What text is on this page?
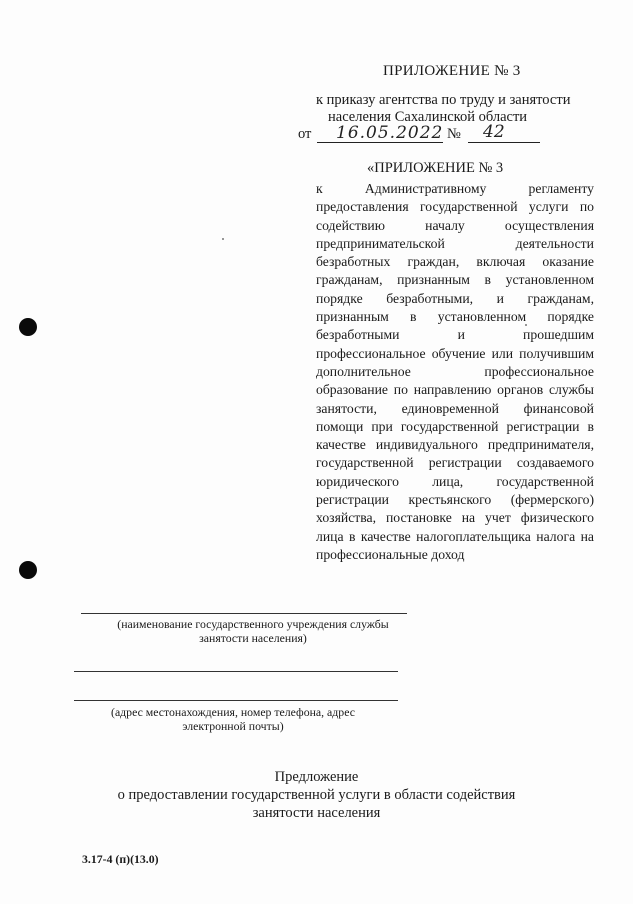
ПРИЛОЖЕНИЕ № 3
к приказу агентства по труду и занятости
населения Сахалинской области
от 16.05.2022 № 42
«ПРИЛОЖЕНИЕ № 3
к Административному регламенту предоставления государственной услуги по содействию началу осуществления предпринимательской деятельности безработных граждан, включая оказание гражданам, признанным в установленном порядке безработными, и гражданам, признанным в установленном порядке безработными и прошедшим профессиональное обучение или получившим дополнительное профессиональное образование по направлению органов службы занятости, единовременной финансовой помощи при государственной регистрации в качестве индивидуального предпринимателя, государственной регистрации создаваемого юридического лица, государственной регистрации крестьянского (фермерского) хозяйства, постановке на учет физического лица в качестве налогоплательщика налога на профессиональные доход
(наименование государственного учреждения службы занятости населения)
(адрес местонахождения, номер телефона, адрес электронной почты)
Предложение
о предоставлении государственной услуги в области содействия
занятости населения
3.17-4 (п)(13.0)
